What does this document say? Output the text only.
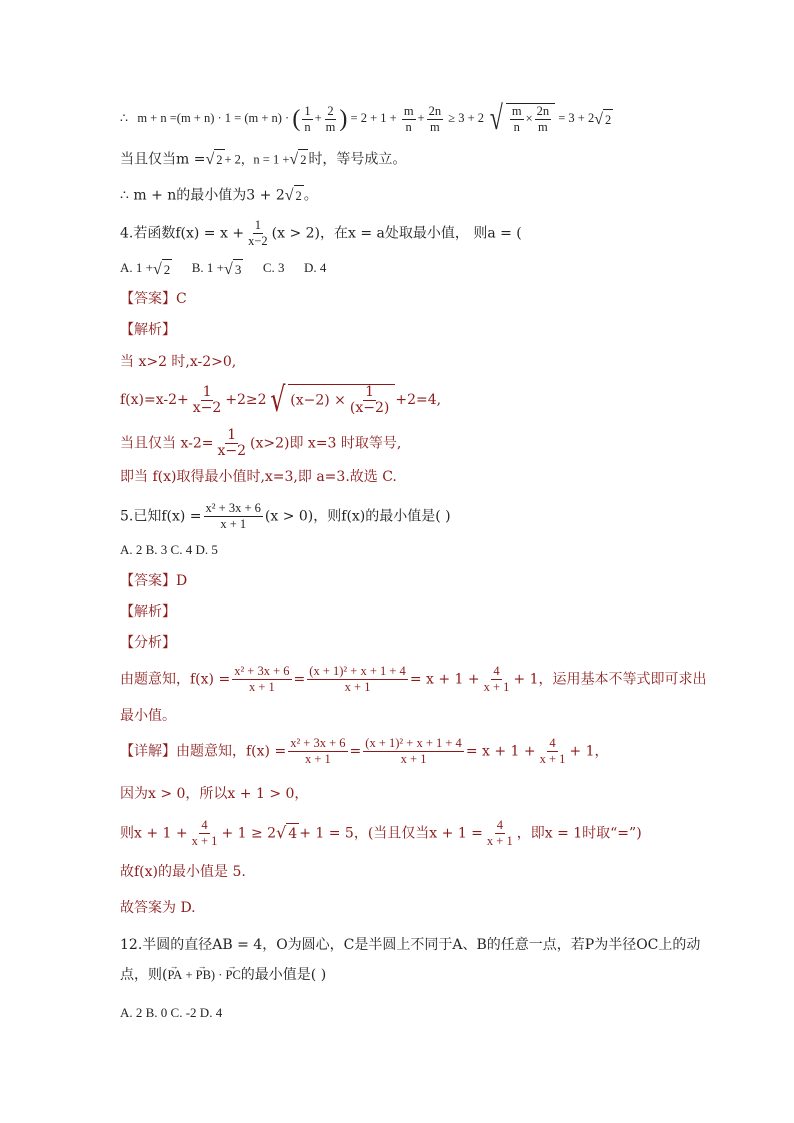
∴ m + n =(m + n) · 1 = (m + n) · ( $\frac{1}{n} + \frac{2}{m}$ ) = $2 + 1 + \frac{m}{n} + \frac{2n}{m} \ge 3 + 2$ √ $\frac{m}{n} \times \frac{2n}{m} = 3 + 2√$ 2
当且仅当m =√ 2 + 2，n = 1 +√ 2 时，等号成立。
∴ m + n的最小值为3 + 2√ 2 。
4.若函数$f(x) = x + \frac{1}{x-2} (x > 2)$，在x = a处取最小值， 则a = (
A. 1 +√ 2 B. 1 +√ 3 C. 3 D. 4
【答案】C
【解析】
当 x>2 时,x-2>0,
$f(x)=x-2+ \frac{1}{x-2} +2\ge 2√$ $(x-2) \times \frac{1}{(x-2)} +2=4$,
当且仅当 $x-2= \frac{1}{x-2} (x>2)$即 x=3 时取等号,
即当 f(x)取得最小值时,x=3,即 a=3.故选 C.
5.已知$f(x) = \frac{\text{x² + 3x + 6}}{x + 1} (x > 0)$，则f(x)的最小值是( )
A. 2 B. 3 C. 4 D. 5
【答案】D
【解析】
【分析】
由题意知，$f(x) = \frac{\text{x² + 3x + 6}}{x + 1} = \frac{\text{(x + 1)² + x + 1 + 4}}{x + 1} = x + 1 + \frac{4}{x + 1} + 1$，运用基本不等式即可求出
最小值。
【详解】由题意知，$f(x) = \frac{\text{x² + 3x + 6}}{x + 1} = \frac{\text{(x + 1)² + x + 1 + 4}}{x + 1} = x + 1 + \frac{4}{x + 1} + 1$，
因为x > 0，所以x + 1 > 0，
则$x + 1 + \frac{4}{x + 1} + 1 \ge 2√$ 4 + 1 = 5，(当且仅当$x + 1 = \frac{4}{x + 1}$ ，即x = 1时取“=”)
故f(x)的最小值是 5.
故答案为 D.
12.半圆的直径AB = 4，O为圆心，C是半圆上不同于A、B的任意一点，若P为半径OC上的动
点，则(→ PA + → PB) · → PC的最小值是( )
A. 2 B. 0 C. -2 D. 4
